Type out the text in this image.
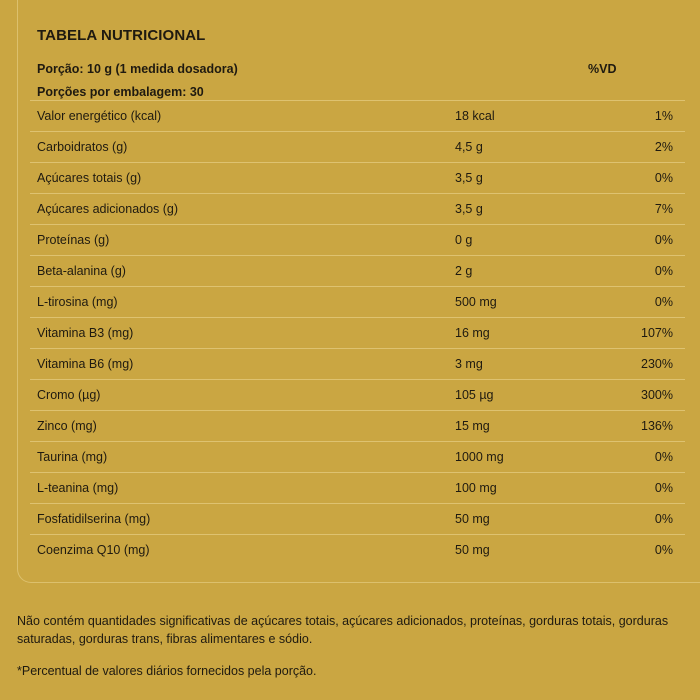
TABELA NUTRICIONAL
Porção: 10 g (1 medida dosadora)	%VD
Porções por embalagem: 30
Valor energético (kcal)	18 kcal	1%
Carboidratos (g)	4,5 g	2%
Açúcares totais (g)	3,5 g	0%
Açúcares adicionados (g)	3,5 g	7%
Proteínas (g)	0 g	0%
Beta-alanina (g)	2 g	0%
L-tirosina (mg)	500 mg	0%
Vitamina B3 (mg)	16 mg	107%
Vitamina B6 (mg)	3 mg	230%
Cromo (µg)	105 µg	300%
Zinco (mg)	15 mg	136%
Taurina (mg)	1000 mg	0%
L-teanina (mg)	100 mg	0%
Fosfatidilserina (mg)	50 mg	0%
Coenzima Q10 (mg)	50 mg	0%
Não contém quantidades significativas de açúcares totais, açúcares adicionados, proteínas, gorduras totais, gorduras saturadas, gorduras trans, fibras alimentares e sódio.
*Percentual de valores diários fornecidos pela porção.
